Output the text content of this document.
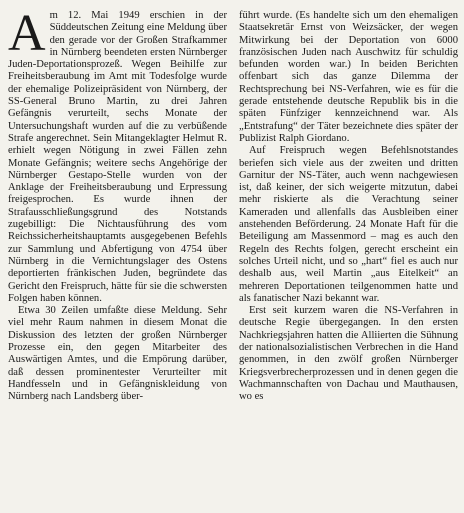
Am 12. Mai 1949 erschien in der Süddeutschen Zeitung eine Meldung über den gerade vor der Großen Strafkammer in Nürnberg beendeten ersten Nürnberger Juden-Deportationsprozeß. Wegen Beihilfe zur Freiheitsberaubung im Amt mit Todesfolge wurde der ehemalige Polizeipräsident von Nürnberg, der SS-General Bruno Martin, zu drei Jahren Gefängnis verurteilt, sechs Monate der Untersuchungshaft wurden auf die zu verbüßende Strafe angerechnet. Sein Mitangeklagter Helmut R. erhielt wegen Nötigung in zwei Fällen zehn Monate Gefängnis; weitere sechs Angehörige der Nürnberger Gestapo-Stelle wurden von der Anklage der Freiheitsberaubung und Erpressung freigesprochen. Es wurde ihnen der Strafausschließungsgrund des Notstands zugebilligt: Die Nichtausführung des vom Reichssicherheitshauptamts ausgegebenen Befehls zur Sammlung und Abfertigung von 4754 über Nürnberg in die Vernichtungslager des Ostens deportierten fränkischen Juden, begründete das Gericht den Freispruch, hätte für sie die schwersten Folgen haben können.

Etwa 30 Zeilen umfaßte diese Meldung. Sehr viel mehr Raum nahmen in diesem Monat die Diskussion des letzten der großen Nürnberger Prozesse ein, den gegen Mitarbeiter des Auswärtigen Amtes, und die Empörung darüber, daß dessen prominentester Verurteilter mit Handfesseln und in Gefängniskleidung von Nürnberg nach Landsberg über-

führt wurde. (Es handelte sich um den ehemaligen Staatsekretär Ernst von Weizsäcker, der wegen Mitwirkung bei der Deportation von 6000 französischen Juden nach Auschwitz für schuldig befunden worden war.) In beiden Berichten offenbart sich das ganze Dilemma der Rechtsprechung bei NS-Verfahren, wie es für die gerade entstehende deutsche Republik bis in die späten Fünfziger kennzeichnend war. Als „Entstrafung“ der Täter bezeichnete dies später der Publizist Ralph Giordano.

Auf Freispruch wegen Befehlsnotstandes beriefen sich viele aus der zweiten und dritten Garnitur der NS-Täter, auch wenn nachgewiesen ist, daß keiner, der sich weigerte mitzutun, dabei mehr riskierte als die Verachtung seiner Kameraden und allenfalls das Ausbleiben einer anstehenden Beförderung. 24 Monate Haft für die Beteiligung am Massenmord – mag es auch den Regeln des Rechts folgen, gerecht erscheint ein solches Urteil nicht, und so „hart“ fiel es auch nur deshalb aus, weil Martin „aus Eitelkeit“ an mehreren Deportationen teilgenommen hatte und als fanatischer Nazi bekannt war.

Erst seit kurzem waren die NS-Verfahren in deutsche Regie übergegangen. In den ersten Nachkriegsjahren hatten die Alliierten die Sühnung der nationalsozialistischen Verbrechen in die Hand genommen, in den zwölf großen Nürnberger Kriegsverbrecherprozessen und in denen gegen die Wachmannschaften von Dachau und Mauthausen, wo es
